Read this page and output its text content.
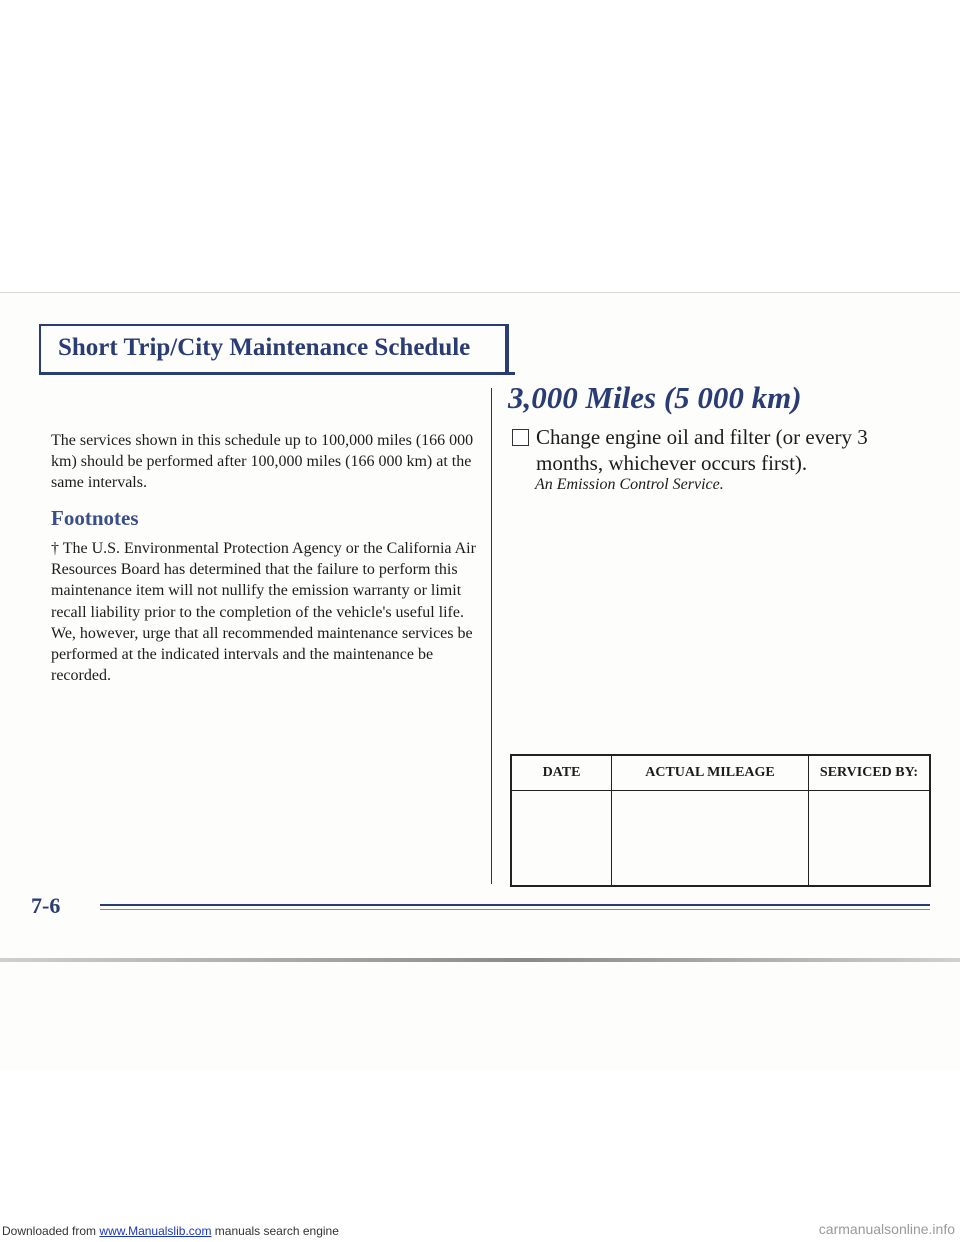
Short Trip/City Maintenance Schedule
The services shown in this schedule up to 100,000 miles (166 000 km) should be performed after 100,000 miles (166 000 km) at the same intervals.
Footnotes
† The U.S. Environmental Protection Agency or the California Air Resources Board has determined that the failure to perform this maintenance item will not nullify the emission warranty or limit recall liability prior to the completion of the vehicle's useful life. We, however, urge that all recommended maintenance services be performed at the indicated intervals and the maintenance be recorded.
3,000 Miles (5 000 km)
Change engine oil and filter (or every 3 months, whichever occurs first).
An Emission Control Service.
DATE	ACTUAL MILEAGE	SERVICED BY:

7-6
Downloaded from www.Manualslib.com manuals search engine	carmanualsonline.info
